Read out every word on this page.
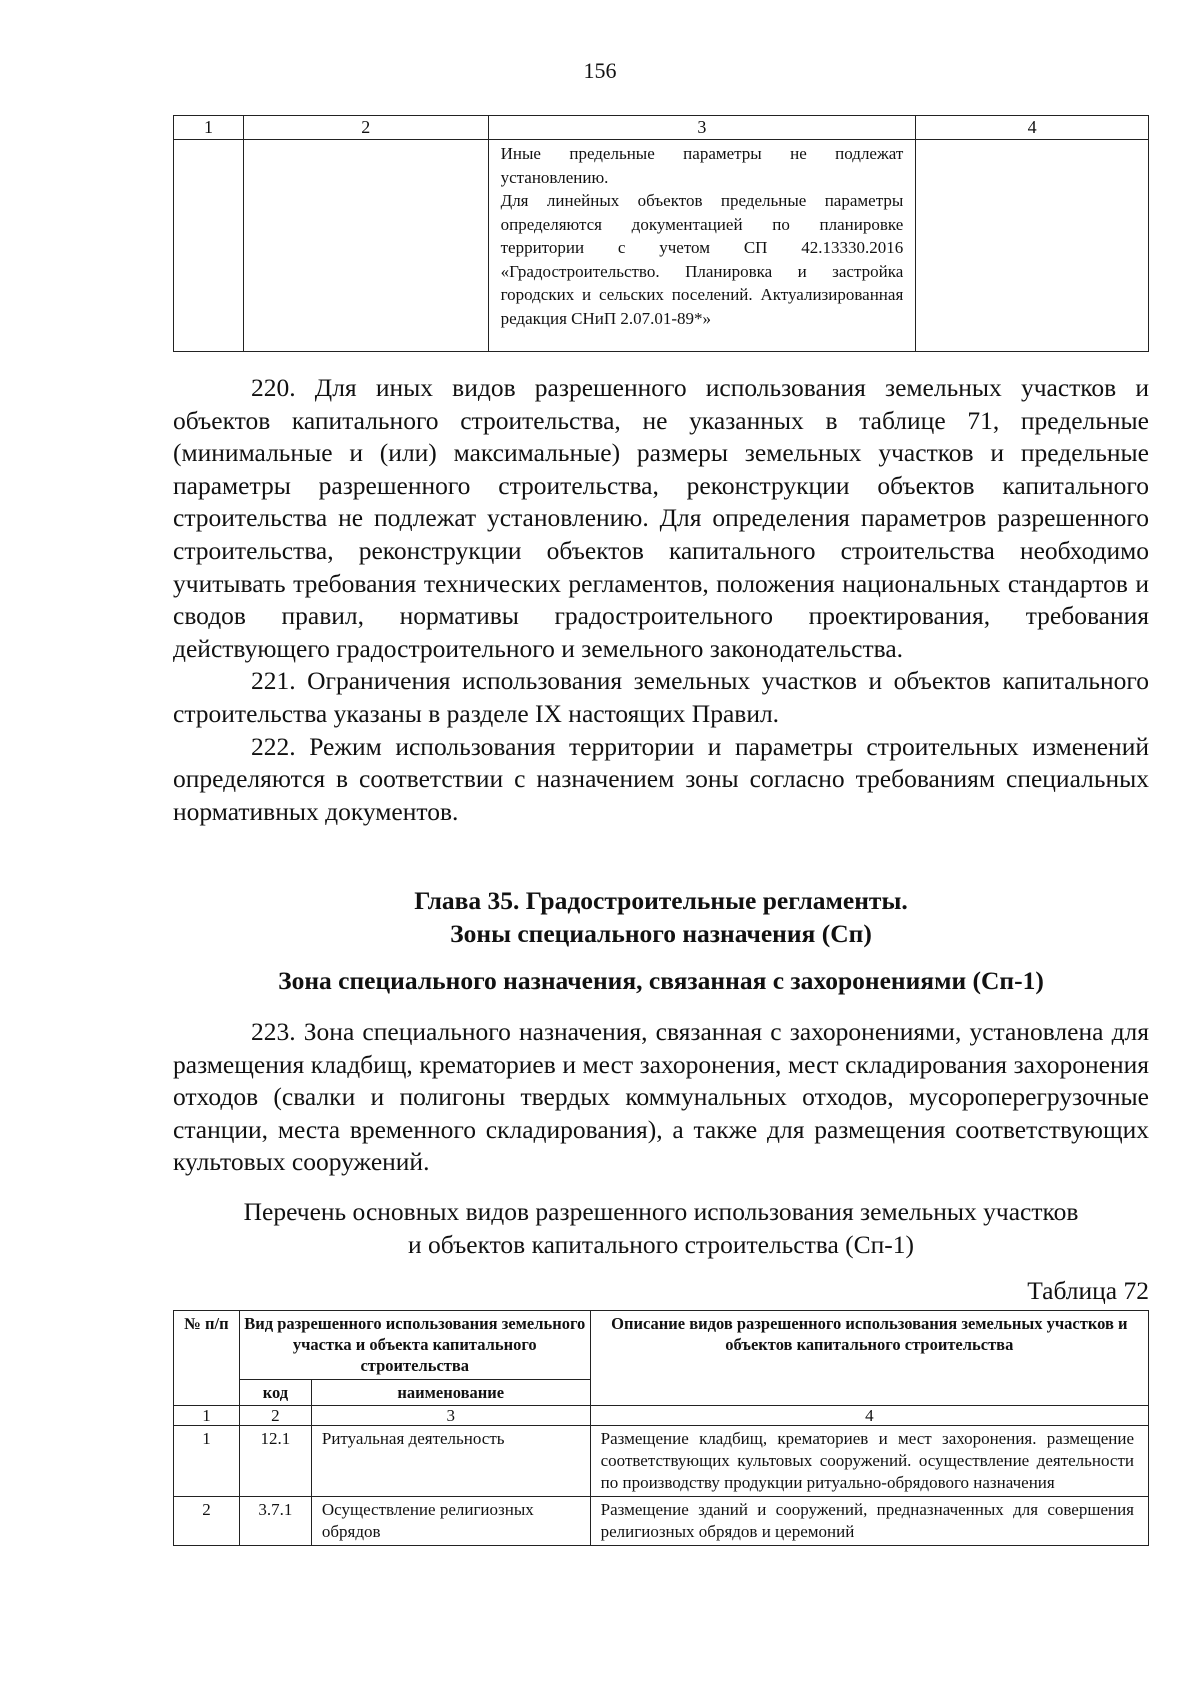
156
1	2	3	4

		Иные предельные параметры не подлежат установлению.

Для линейных объектов предельные параметры определяются документацией по планировке территории с учетом СП 42.13330.2016 «Градостроительство. Планировка и застройка городских и сельских поселений. Актуализированная редакция СНиП 2.07.01-89*»	

220. Для иных видов разрешенного использования земельных участков и объектов капитального строительства, не указанных в таблице 71, предельные (минимальные и (или) максимальные) размеры земельных участков и предельные параметры разрешенного строительства, реконструкции объектов капитального строительства не подлежат установлению. Для определения параметров разрешенного строительства, реконструкции объектов капитального строительства необходимо учитывать требования технических регламентов, положения национальных стандартов и сводов правил, нормативы градостроительного проектирования, требования действующего градостроительного и земельного законодательства.

221. Ограничения использования земельных участков и объектов капитального строительства указаны в разделе IX настоящих Правил.

222. Режим использования территории и параметры строительных изменений определяются в соответствии с назначением зоны согласно требованиям специальных нормативных документов.

Глава 35. Градостроительные регламенты.
Зоны специального назначения (Сп)
Зона специального назначения, связанная с захоронениями (Сп-1)

223. Зона специального назначения, связанная с захоронениями, установлена для размещения кладбищ, крематориев и мест захоронения, мест складирования захоронения отходов (свалки и полигоны твердых коммунальных отходов, мусороперегрузочные станции, места временного складирования), а также для размещения соответствующих культовых сооружений.

Перечень основных видов разрешенного использования земельных участков
и объектов капитального строительства (Сп-1)
Таблица 72
№ п/п	Вид разрешенного использования земельного участка и объекта капитального строительства		Описание видов разрешенного использования земельных участков и объектов капитального строительства
	код	наименование	
1	2	3	4
1	12.1	Ритуальная деятельность	Размещение кладбищ, крематориев и мест захоронения. размещение соответствующих культовых сооружений. осуществление деятельности по производству продукции ритуально-обрядового назначения
2	3.7.1	Осуществление религиозных обрядов	Размещение зданий и сооружений, предназначенных для совершения религиозных обрядов и церемоний
